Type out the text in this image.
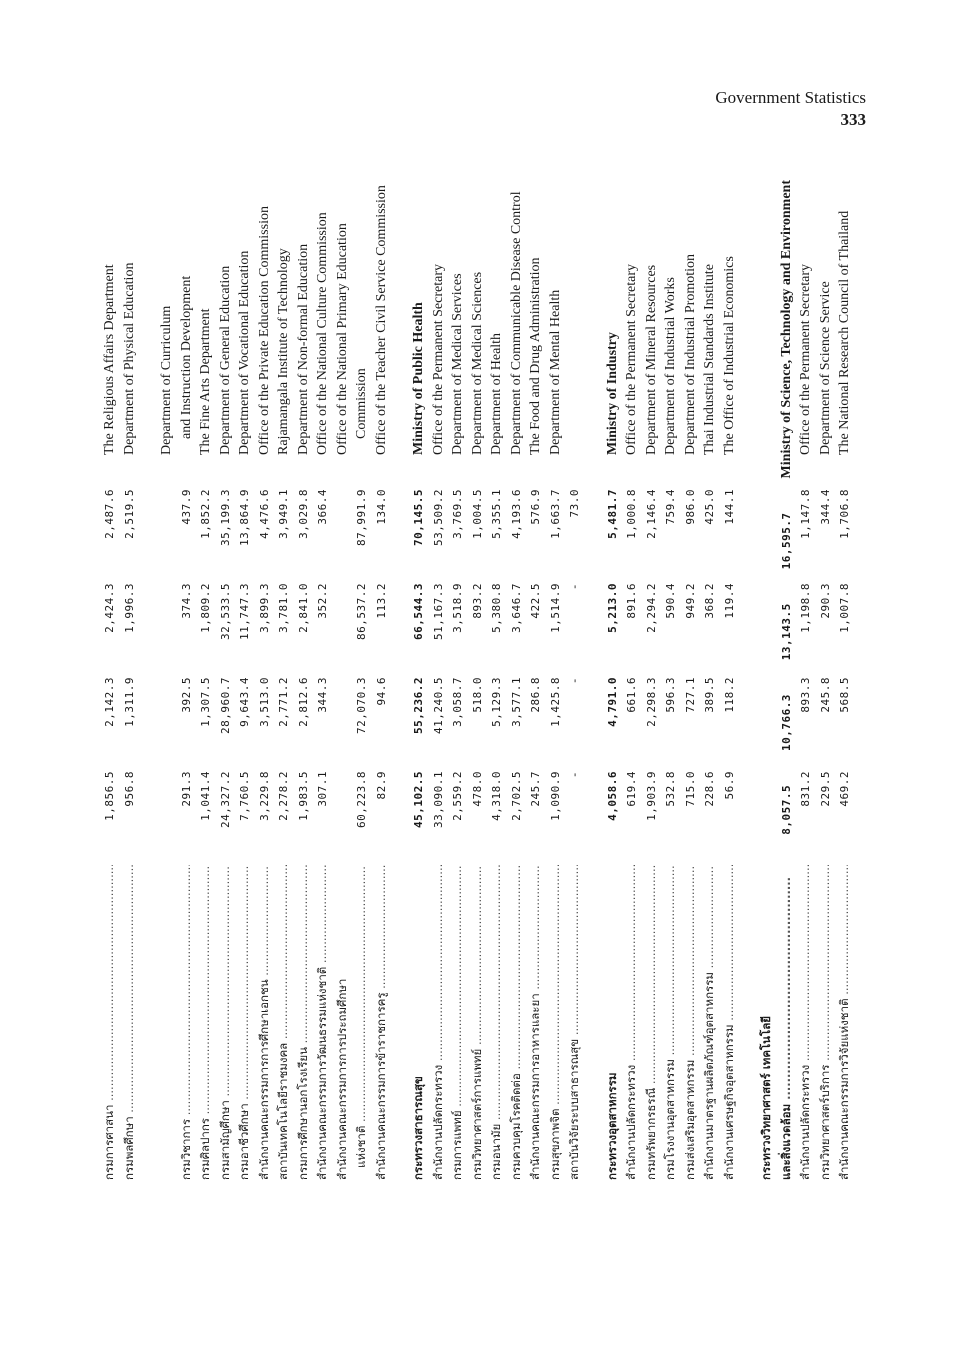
Government Statistics
333
กรมการศาสนา .....
1,856.5
2,142.3
2,424.3
2,487.6
The Religious Affairs Department
กรมพลศึกษา .....
956.8
1,311.9
1,996.3
2,519.5
Department of Physical Education Department of Curriculum
กรมวิชาการ .....
291.3
392.5
374.3
437.9
and Instruction Development
กรมศิลปากร .....
1,041.4
1,307.5
1,809.2
1,852.2
The Fine Arts Department
กรมสามัญศึกษา .....
24,327.2
28,960.7
32,533.5
35,199.3
Department of General Education
กรมอาชีวศึกษา .....
7,760.5
9,643.4
11,747.3
13,864.9
Department of Vocational Education
สำนักงานคณะกรรมการการศึกษาเอกชน .....
3,229.8
3,513.0
3,899.3
4,476.6
Office of the Private Education Commission
สถาบันเทคโนโลยีราชมงคล .....
2,278.2
2,771.2
3,781.0
3,949.1
Rajamangala Institute of Technology
กรมการศึกษานอกโรงเรียน .....
1,983.5
2,812.6
2,841.0
3,029.8
Department of Non-formal Education
สำนักงานคณะกรรมการวัฒนธรรมแห่งชาติ .....
307.1
344.3
352.2
366.4
Office of the National Culture Commission
สำนักงานคณะกรรมการการประถมศึกษา
Office of the National Primary Education
แห่งชาติ .....
60,223.8
72,070.3
86,537.2
87,991.9
Commission
สำนักงานคณะกรรมการข้าราชการครู .....
82.9
94.6
113.2
134.0
Office of the Teacher Civil Service Commission
กระทรวงสาธารณสุข
45,102.5
55,236.2
66,544.3
70,145.5
Ministry of Public Health
สำนักงานปลัดกระทรวง .....
33,090.1
41,240.5
51,167.3
53,509.2
Office of the Permanent Secretary
กรมการแพทย์ .....
2,559.2
3,058.7
3,518.9
3,769.5
Department of Medical Services
กรมวิทยาศาสตร์การแพทย์ .....
478.0
518.0
893.2
1,004.5
Department of Medical Sciences
กรมอนามัย .....
4,318.0
5,129.3
5,380.8
5,355.1
Department of Health
กรมควบคุมโรคติดต่อ .....
2,702.5
3,577.1
3,646.7
4,193.6
Department of Communicable Disease Control
สำนักงานคณะกรรมการอาหารและยา .....
245.7
286.8
422.5
576.9
The Food and Drug Administration
กรมสุขภาพจิต .....
1,090.9
1,425.8
1,514.9
1,663.7
Department of Mental Health
สถาบันวิจัยระบบสาธารณสุข .....
-
-
-
73.0
กระทรวงอุตสาหกรรม
4,058.6
4,791.0
5,213.0
5,481.7
Ministry of Industry
สำนักงานปลัดกระทรวง .....
619.4
661.6
891.6
1,000.8
Office of the Permanent Secretary
กรมทรัพยากรธรณี .....
1,903.9
2,298.3
2,294.2
2,146.4
Department of Mineral Resources
กรมโรงงานอุตสาหกรรม .....
532.8
596.3
590.4
759.4
Department of Industrial Works
กรมส่งเสริมอุตสาหกรรม .....
715.0
727.1
949.2
986.0
Department of Industrial Promotion
สำนักงานมาตรฐานผลิตภัณฑ์อุตสาหกรรม .....
228.6
389.5
368.2
425.0
Thai Industrial Standards Institute
สำนักงานเศรษฐกิจอุตสาหกรรม .....
56.9
118.2
119.4
144.1
The Office of Industrial Economics
กระทรวงวิทยาศาสตร์ เทคโนโลยี และสิ่งแวดล้อม .....
8,057.5
10,766.3
13,143.5
16,595.7
Ministry of Science, Technology and Environment
สำนักงานปลัดกระทรวง .....
831.2
893.3
1,198.8
1,147.8
Office of the Permanent Secretary
กรมวิทยาศาสตร์บริการ .....
229.5
245.8
290.3
344.4
Department of Science Service
สำนักงานคณะกรรมการวิจัยแห่งชาติ .....
469.2
568.5
1,007.8
1,706.8
The National Research Council of Thailand
